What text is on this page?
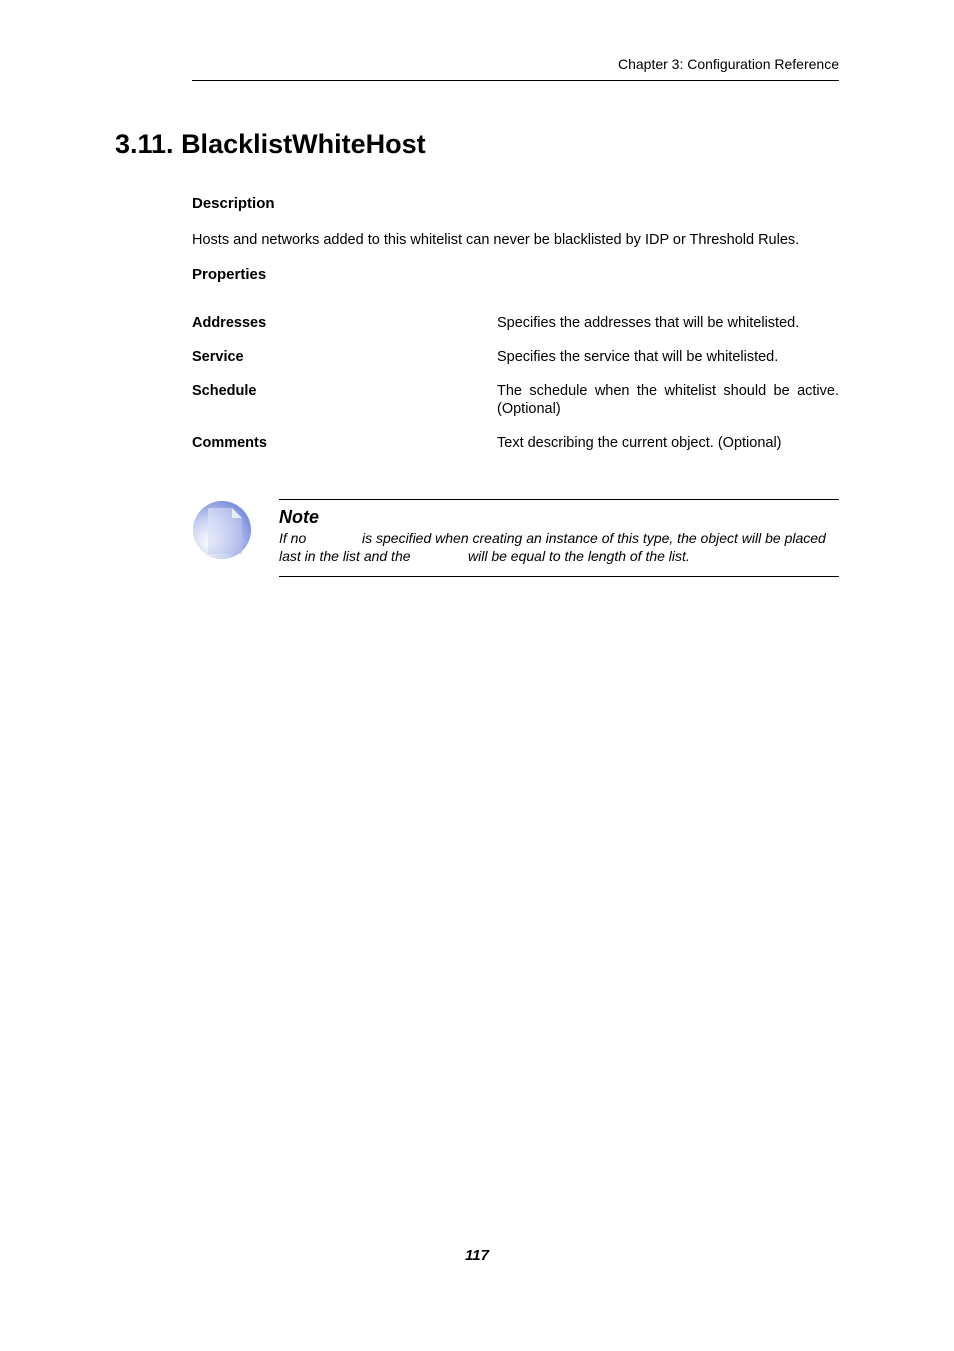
Chapter 3: Configuration Reference
3.11. BlacklistWhiteHost
Description

Hosts and networks added to this whitelist can never be blacklisted by IDP or Threshold Rules.

Properties
Addresses	Specifies the addresses that will be whitelisted.
Service	Specifies the service that will be whitelisted.
Schedule	The schedule when the whitelist should be active. (Optional)
Comments	Text describing the current object. (Optional)
Note
If no	is specified when creating an instance of this type, the object will be placed
last in the list and the	will be equal to the length of the list.
117
